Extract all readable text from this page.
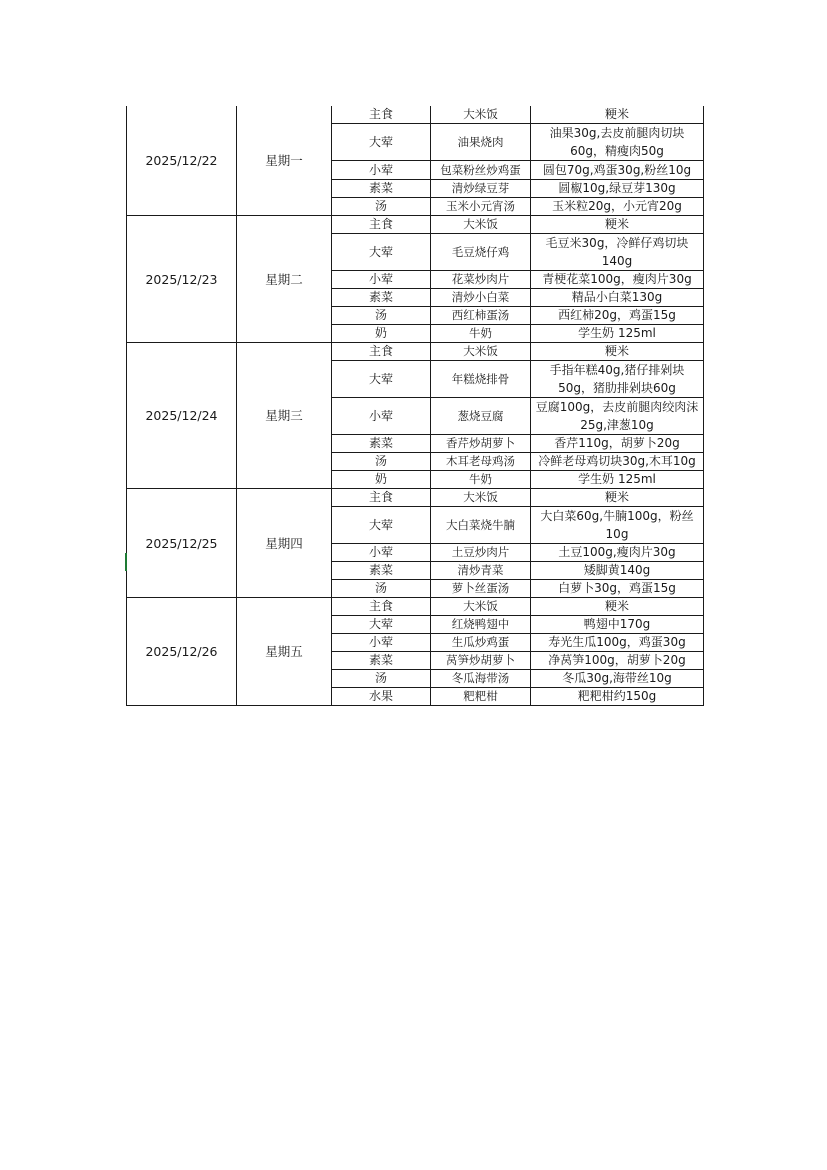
2025/12/22	星期一	主食	大米饭	粳米
		大荤	油果烧肉	油果30g,去皮前腿肉切块60g，精瘦肉50g
		小荤	包菜粉丝炒鸡蛋	圆包70g,鸡蛋30g,粉丝10g
		素菜	清炒绿豆芽	圆椒10g,绿豆芽130g
		汤	玉米小元宵汤	玉米粒20g，小元宵20g
2025/12/23	星期二	主食	大米饭	粳米
		大荤	毛豆烧仔鸡	毛豆米30g，冷鲜仔鸡切块140g
		小荤	花菜炒肉片	青梗花菜100g，瘦肉片30g
		素菜	清炒小白菜	精品小白菜130g
		汤	西红柿蛋汤	西红柿20g，鸡蛋15g
		奶	牛奶	学生奶 125ml
2025/12/24	星期三	主食	大米饭	粳米
		大荤	年糕烧排骨	手指年糕40g,猪仔排剁块50g，猪肋排剁块60g
		小荤	葱烧豆腐	豆腐100g，去皮前腿肉绞肉沫25g,津葱10g
		素菜	香芹炒胡萝卜	香芹110g，胡萝卜20g
		汤	木耳老母鸡汤	冷鲜老母鸡切块30g,木耳10g
		奶	牛奶	学生奶 125ml
2025/12/25	星期四	主食	大米饭	粳米
		大荤	大白菜烧牛腩	大白菜60g,牛腩100g，粉丝10g
		小荤	土豆炒肉片	土豆100g,瘦肉片30g
		素菜	清炒青菜	矮脚黄140g
		汤	萝卜丝蛋汤	白萝卜30g，鸡蛋15g
2025/12/26	星期五	主食	大米饭	粳米
		大荤	红烧鸭翅中	鸭翅中170g
		小荤	生瓜炒鸡蛋	寿光生瓜100g，鸡蛋30g
		素菜	莴笋炒胡萝卜	净莴笋100g，胡萝卜20g
		汤	冬瓜海带汤	冬瓜30g,海带丝10g
		水果	粑粑柑	粑粑柑约150g
